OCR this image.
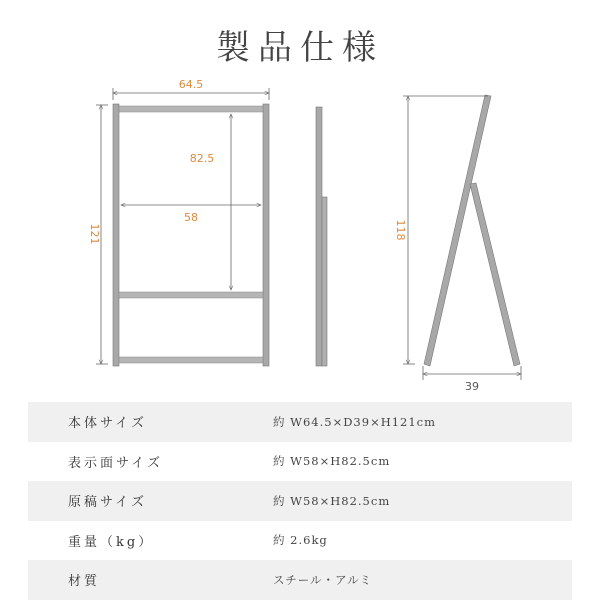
製品仕様
64.5
121
82.5
58
118
39
本体サイズ	約 W64.5×D39×H121cm
表示面サイズ	約 W58×H82.5cm
原稿サイズ	約 W58×H82.5cm
重量（kg）	約 2.6kg
材質	スチール・アルミ
